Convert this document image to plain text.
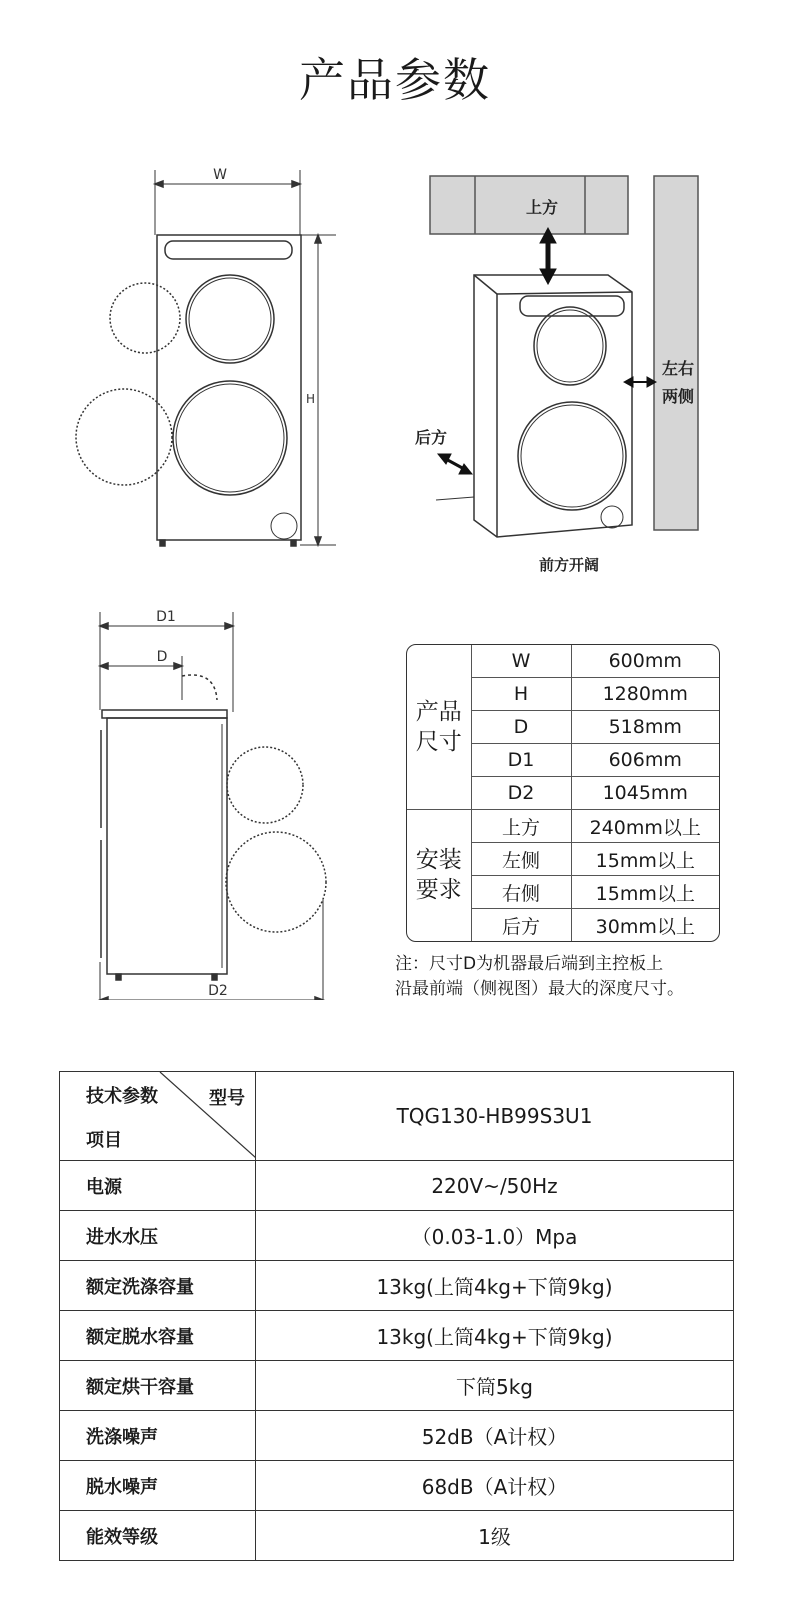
产品参数
W
H
上方
左右
两侧
后方
前方开阔
D1
D
D2
产品
尺寸	W	600mm
	H	1280mm
	D	518mm
	D1	606mm
	D2	1045mm

安装
要求	上方	240mm以上
	左侧	15mm以上
	右侧	15mm以上
	后方	30mm以上
注：尺寸D为机器最后端到主控板上
沿最前端（侧视图）最大的深度尺寸。
技术参数 型号
项目	TQG130-HB99S3U1
电源	220V~/50Hz
进水水压	（0.03-1.0）Mpa
额定洗涤容量	13kg(上筒4kg+下筒9kg)
额定脱水容量	13kg(上筒4kg+下筒9kg)
额定烘干容量	下筒5kg
洗涤噪声	52dB（A计权）
脱水噪声	68dB（A计权）
能效等级	1级
